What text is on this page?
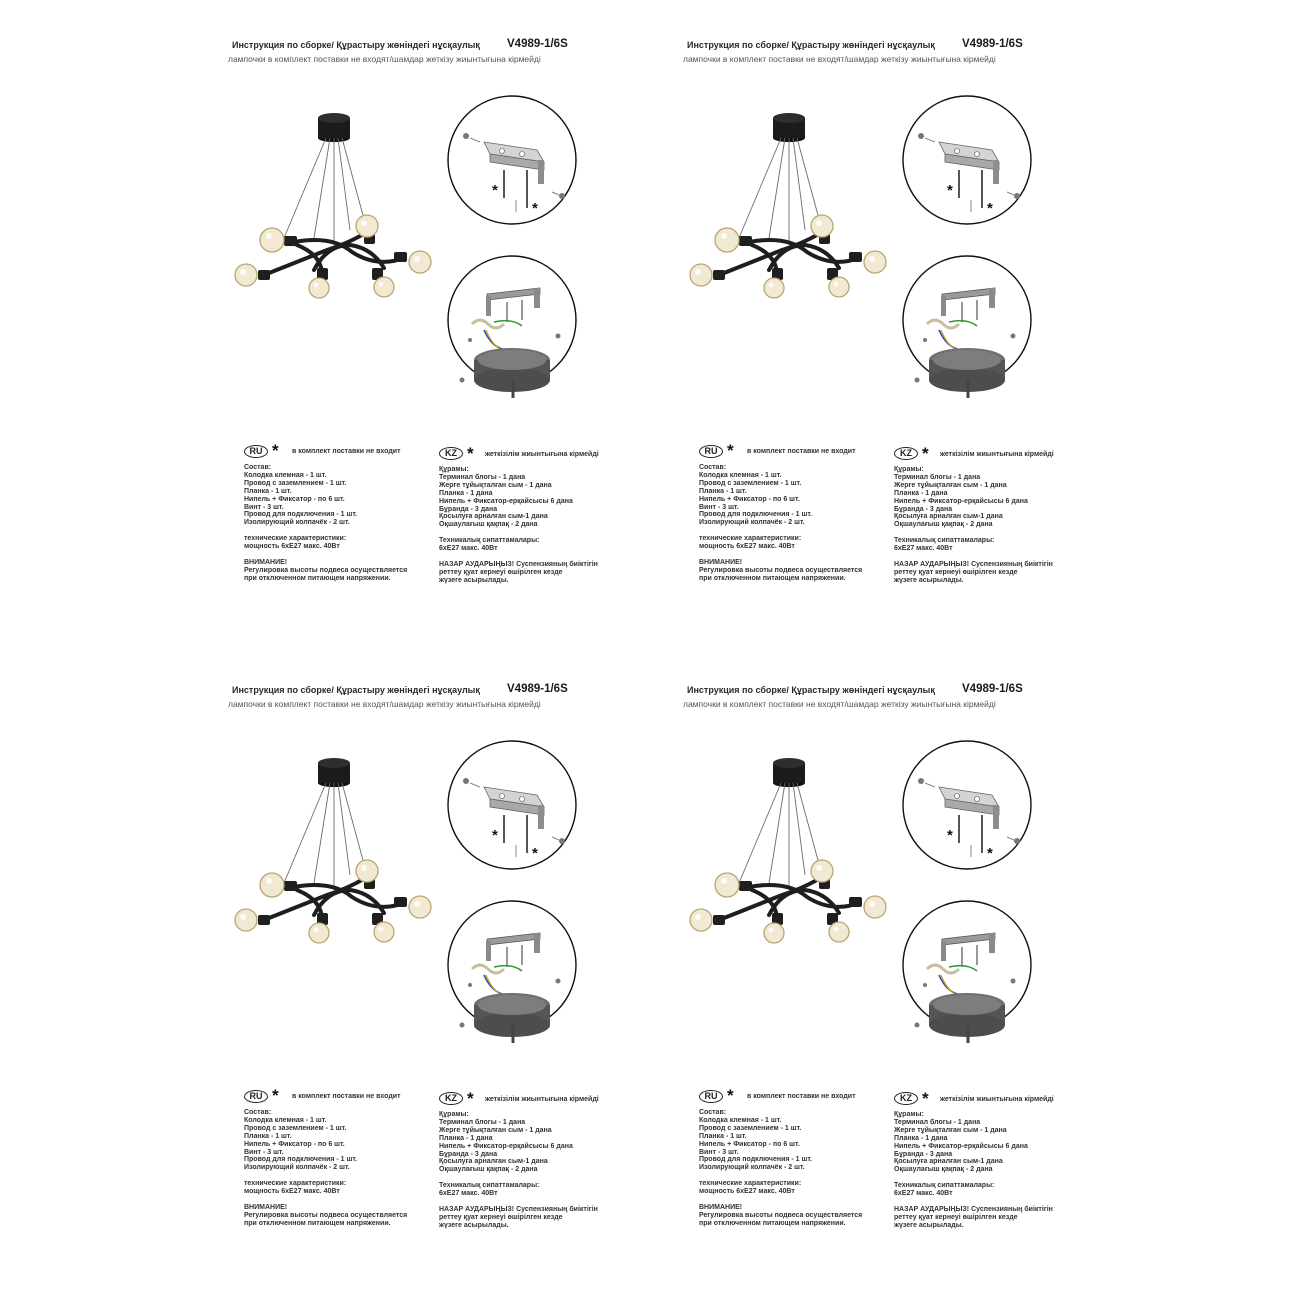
Инструкция по сборке/ Құрастыру жөніндегі нұсқаулық V4989-1/6S
лампочки в комплект поставки не входят/шамдар жеткізу жиынтығына кірмейді
*
*
RU * в комплект поставки не входит
Состав:
Колодка клемная - 1 шт.
Провод с заземлением - 1 шт.
Планка - 1 шт.
Нипель + Фиксатор - по 6 шт.
Винт - 3 шт.
Провод для подключения - 1 шт.
Изолирующий колпачёк - 2 шт.
технические характеристики:
мощность 6хЕ27 макс. 40Вт
ВНИМАНИЕ!
Регулировка высоты подвеса осуществляется
при отключенном питающем напряжении.
KZ * жеткізілім жиынтығына кірмейді
Құрамы:
Терминал блогы - 1 дана
Жерге тұйықталған сым - 1 дана
Планка - 1 дана
Нипель + Фиксатор-ерқайсысы 6 дана
Бұранда - 3 дана
Қосылуға арналған сым-1 дана
Оқшаулағыш қақпақ - 2 дана
Техникалық сипаттамалары:
6хЕ27 макс. 40Вт
НАЗАР АУДАРЫҢЫЗ! Суспензияның биіктігін
реттеу қуат кернеуі өшірілген кезде
жүзеге асырылады.
Инструкция по сборке/ Құрастыру жөніндегі нұсқаулық V4989-1/6S
лампочки в комплект поставки не входят/шамдар жеткізу жиынтығына кірмейді
*
*
RU * в комплект поставки не входит
Состав:
Колодка клемная - 1 шт.
Провод с заземлением - 1 шт.
Планка - 1 шт.
Нипель + Фиксатор - по 6 шт.
Винт - 3 шт.
Провод для подключения - 1 шт.
Изолирующий колпачёк - 2 шт.
технические характеристики:
мощность 6хЕ27 макс. 40Вт
ВНИМАНИЕ!
Регулировка высоты подвеса осуществляется
при отключенном питающем напряжении.
KZ * жеткізілім жиынтығына кірмейді
Құрамы:
Терминал блогы - 1 дана
Жерге тұйықталған сым - 1 дана
Планка - 1 дана
Нипель + Фиксатор-ерқайсысы 6 дана
Бұранда - 3 дана
Қосылуға арналған сым-1 дана
Оқшаулағыш қақпақ - 2 дана
Техникалық сипаттамалары:
6хЕ27 макс. 40Вт
НАЗАР АУДАРЫҢЫЗ! Суспензияның биіктігін
реттеу қуат кернеуі өшірілген кезде
жүзеге асырылады.
Инструкция по сборке/ Құрастыру жөніндегі нұсқаулық V4989-1/6S
лампочки в комплект поставки не входят/шамдар жеткізу жиынтығына кірмейді
*
*
RU * в комплект поставки не входит
Состав:
Колодка клемная - 1 шт.
Провод с заземлением - 1 шт.
Планка - 1 шт.
Нипель + Фиксатор - по 6 шт.
Винт - 3 шт.
Провод для подключения - 1 шт.
Изолирующий колпачёк - 2 шт.
технические характеристики:
мощность 6хЕ27 макс. 40Вт
ВНИМАНИЕ!
Регулировка высоты подвеса осуществляется
при отключенном питающем напряжении.
KZ * жеткізілім жиынтығына кірмейді
Құрамы:
Терминал блогы - 1 дана
Жерге тұйықталған сым - 1 дана
Планка - 1 дана
Нипель + Фиксатор-ерқайсысы 6 дана
Бұранда - 3 дана
Қосылуға арналған сым-1 дана
Оқшаулағыш қақпақ - 2 дана
Техникалық сипаттамалары:
6хЕ27 макс. 40Вт
НАЗАР АУДАРЫҢЫЗ! Суспензияның биіктігін
реттеу қуат кернеуі өшірілген кезде
жүзеге асырылады.
Инструкция по сборке/ Құрастыру жөніндегі нұсқаулық V4989-1/6S
лампочки в комплект поставки не входят/шамдар жеткізу жиынтығына кірмейді
*
*
RU * в комплект поставки не входит
Состав:
Колодка клемная - 1 шт.
Провод с заземлением - 1 шт.
Планка - 1 шт.
Нипель + Фиксатор - по 6 шт.
Винт - 3 шт.
Провод для подключения - 1 шт.
Изолирующий колпачёк - 2 шт.
технические характеристики:
мощность 6хЕ27 макс. 40Вт
ВНИМАНИЕ!
Регулировка высоты подвеса осуществляется
при отключенном питающем напряжении.
KZ * жеткізілім жиынтығына кірмейді
Құрамы:
Терминал блогы - 1 дана
Жерге тұйықталған сым - 1 дана
Планка - 1 дана
Нипель + Фиксатор-ерқайсысы 6 дана
Бұранда - 3 дана
Қосылуға арналған сым-1 дана
Оқшаулағыш қақпақ - 2 дана
Техникалық сипаттамалары:
6хЕ27 макс. 40Вт
НАЗАР АУДАРЫҢЫЗ! Суспензияның биіктігін
реттеу қуат кернеуі өшірілген кезде
жүзеге асырылады.
